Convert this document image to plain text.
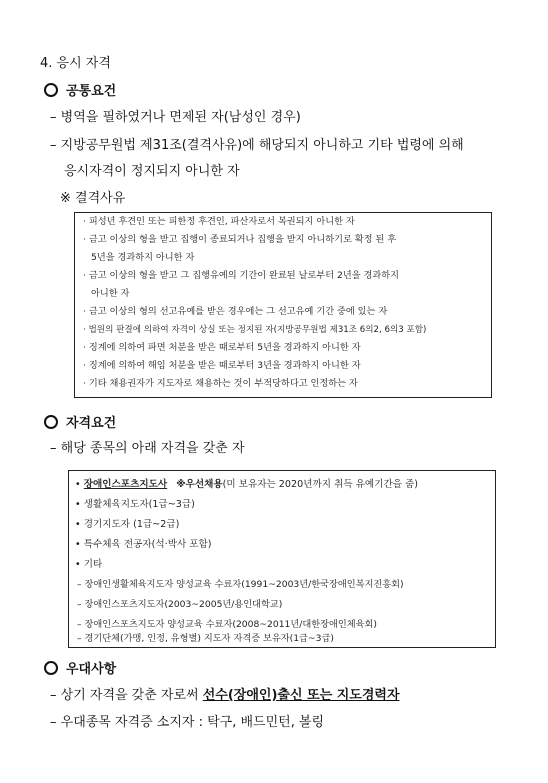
4. 응시 자격
공통요건
– 병역을 필하였거나 면제된 자(남성인 경우)
– 지방공무원법 제31조(결격사유)에 해당되지 아니하고 기타 법령에 의해
응시자격이 정지되지 아니한 자
※ 결격사유
· 피성년 후견인 또는 피한정 후견인, 파산자로서 복권되지 아니한 자
· 금고 이상의 형을 받고 집행이 종료되거나 집행을 받지 아니하기로 확정 된 후
5년을 경과하지 아니한 자
· 금고 이상의 형을 받고 그 집행유예의 기간이 완료된 날로부터 2년을 경과하지
아니한 자
· 금고 이상의 형의 선고유예를 받은 경우에는 그 선고유예 기간 중에 있는 자
· 법원의 판결에 의하여 자격이 상실 또는 정지된 자(지방공무원법 제31조 6의2, 6의3 포함)
· 징계에 의하여 파면 처분을 받은 때로부터 5년을 경과하지 아니한 자
· 징계에 의하여 해임 처분을 받은 때로부터 3년을 경과하지 아니한 자
· 기타 채용권자가 지도자로 채용하는 것이 부적당하다고 인정하는 자
자격요건
– 해당 종목의 아래 자격을 갖춘 자
• 장애인스포츠지도사 ※우선채용(미 보유자는 2020년까지 취득 유예기간을 줌)
• 생활체육지도자(1급~3급)
• 경기지도자 (1급~2급)
• 특수체육 전공자(석·박사 포함)
• 기타
– 장애인생활체육지도자 양성교육 수료자(1991~2003년/한국장애인복지진흥회)
– 장애인스포츠지도자(2003~2005년/용인대학교)
– 장애인스포츠지도자 양성교육 수료자(2008~2011년/대한장애인체육회)
– 경기단체(가맹, 인정, 유형별) 지도자 자격증 보유자(1급~3급)
우대사항
– 상기 자격을 갖춘 자로써 선수(장애인)출신 또는 지도경력자
– 우대종목 자격증 소지자 : 탁구, 배드민턴, 볼링
